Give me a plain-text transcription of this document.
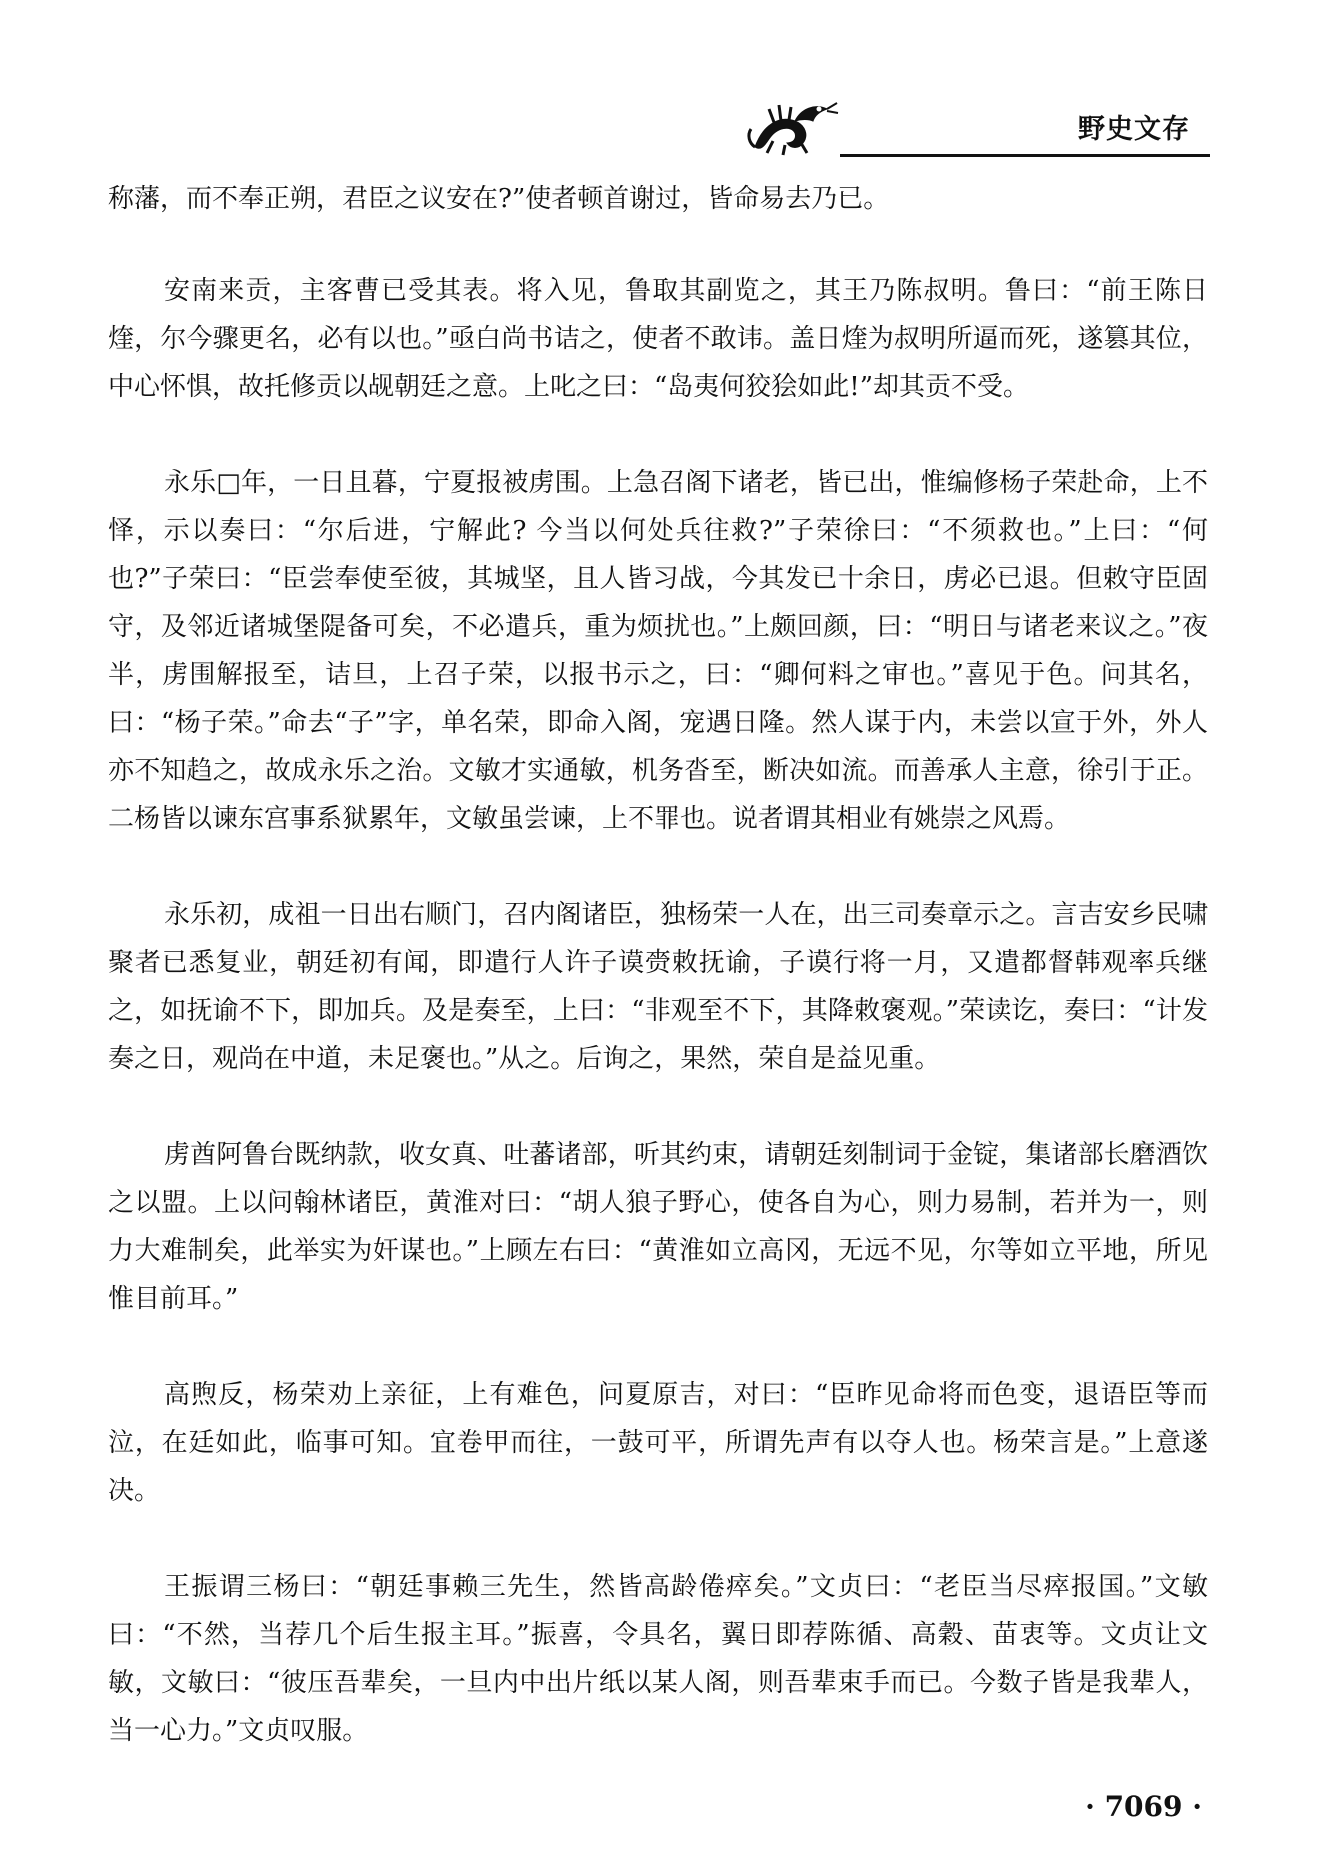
野史文存

称藩，而不奉正朔，君臣之议安在?”使者顿首谢过，皆命易去乃已。

安南来贡，主客曹已受其表。将入见，鲁取其副览之，其王乃陈叔明。鲁曰：“前王陈日煃，尔今骤更名，必有以也。”亟白尚书诘之，使者不敢讳。盖日煃为叔明所逼而死，遂篡其位，中心怀惧，故托修贡以觇朝廷之意。上叱之曰：“岛夷何狡狯如此!”却其贡不受。

永乐□年，一日且暮，宁夏报被虏围。上急召阁下诸老，皆已出，惟编修杨子荣赴命，上不怿，示以奏曰：“尔后进，宁解此? 今当以何处兵往救?”子荣徐曰：“不须救也。”上曰：“何也?”子荣曰：“臣尝奉使至彼，其城坚，且人皆习战，今其发已十余日，虏必已退。但敕守臣固守，及邻近诸城堡隄备可矣，不必遣兵，重为烦扰也。”上颇回颜，曰：“明日与诸老来议之。”夜半，虏围解报至，诘旦，上召子荣，以报书示之，曰：“卿何料之审也。”喜见于色。问其名，曰：“杨子荣。”命去“子”字，单名荣，即命入阁，宠遇日隆。然人谋于内，未尝以宣于外，外人亦不知趋之，故成永乐之治。文敏才实通敏，机务沓至，断决如流。而善承人主意，徐引于正。二杨皆以谏东宫事系狱累年，文敏虽尝谏，上不罪也。说者谓其相业有姚崇之风焉。

永乐初，成祖一日出右顺门，召内阁诸臣，独杨荣一人在，出三司奏章示之。言吉安乡民啸聚者已悉复业，朝廷初有闻，即遣行人许子谟赍敕抚谕，子谟行将一月，又遣都督韩观率兵继之，如抚谕不下，即加兵。及是奏至，上曰：“非观至不下，其降敕褒观。”荣读讫，奏曰：“计发奏之日，观尚在中道，未足褒也。”从之。后询之，果然，荣自是益见重。

虏酋阿鲁台既纳款，收女真、吐蕃诸部，听其约束，请朝廷刻制词于金锭，集诸部长磨酒饮之以盟。上以问翰林诸臣，黄淮对曰：“胡人狼子野心，使各自为心，则力易制，若并为一，则力大难制矣，此举实为奸谋也。”上顾左右曰：“黄淮如立高冈，无远不见，尔等如立平地，所见惟目前耳。”

高煦反，杨荣劝上亲征，上有难色，问夏原吉，对曰：“臣昨见命将而色变，退语臣等而泣，在廷如此，临事可知。宜卷甲而往，一鼓可平，所谓先声有以夺人也。杨荣言是。”上意遂决。

王振谓三杨曰：“朝廷事赖三先生，然皆高龄倦瘁矣。”文贞曰：“老臣当尽瘁报国。”文敏曰：“不然，当荐几个后生报主耳。”振喜，令具名，翼日即荐陈循、高穀、苗衷等。文贞让文敏，文敏曰：“彼压吾辈矣，一旦内中出片纸以某人阁，则吾辈束手而已。今数子皆是我辈人，当一心力。”文贞叹服。

· 7069 ·
